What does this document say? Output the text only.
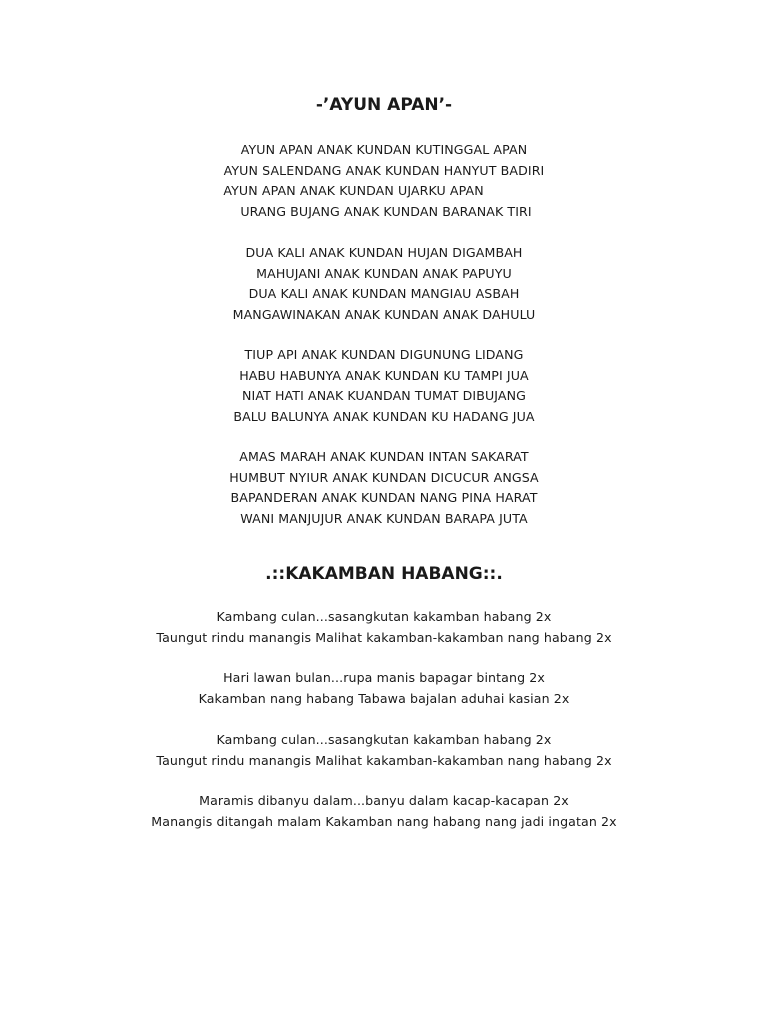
-’AYUN APAN’-
AYUN APAN ANAK KUNDAN KUTINGGAL APAN
AYUN SALENDANG ANAK KUNDAN HANYUT BADIRI
AYUN APAN ANAK KUNDAN UJARKU APAN
URANG BUJANG ANAK KUNDAN BARANAK TIRI
DUA KALI ANAK KUNDAN HUJAN DIGAMBAH
MAHUJANI ANAK KUNDAN ANAK PAPUYU
DUA KALI ANAK KUNDAN MANGIAU ASBAH
MANGAWINAKAN ANAK KUNDAN ANAK DAHULU
TIUP API ANAK KUNDAN DIGUNUNG LIDANG
HABU HABUNYA ANAK KUNDAN KU TAMPI JUA
NIAT HATI ANAK KUANDAN TUMAT DIBUJANG
BALU BALUNYA ANAK KUNDAN KU HADANG JUA
AMAS MARAH ANAK KUNDAN INTAN SAKARAT
HUMBUT NYIUR ANAK KUNDAN DICUCUR ANGSA
BAPANDERAN ANAK KUNDAN NANG PINA HARAT
WANI MANJUJUR ANAK KUNDAN BARAPA JUTA
.::KAKAMBAN HABANG::.
Kambang culan...sasangkutan kakamban habang 2x
Taungut rindu manangis Malihat kakamban-kakamban nang habang 2x
Hari lawan bulan...rupa manis bapagar bintang 2x
Kakamban nang habang Tabawa bajalan aduhai kasian 2x
Kambang culan...sasangkutan kakamban habang 2x
Taungut rindu manangis Malihat kakamban-kakamban nang habang 2x
Maramis dibanyu dalam...banyu dalam kacap-kacapan 2x
Manangis ditangah malam Kakamban nang habang nang jadi ingatan 2x
